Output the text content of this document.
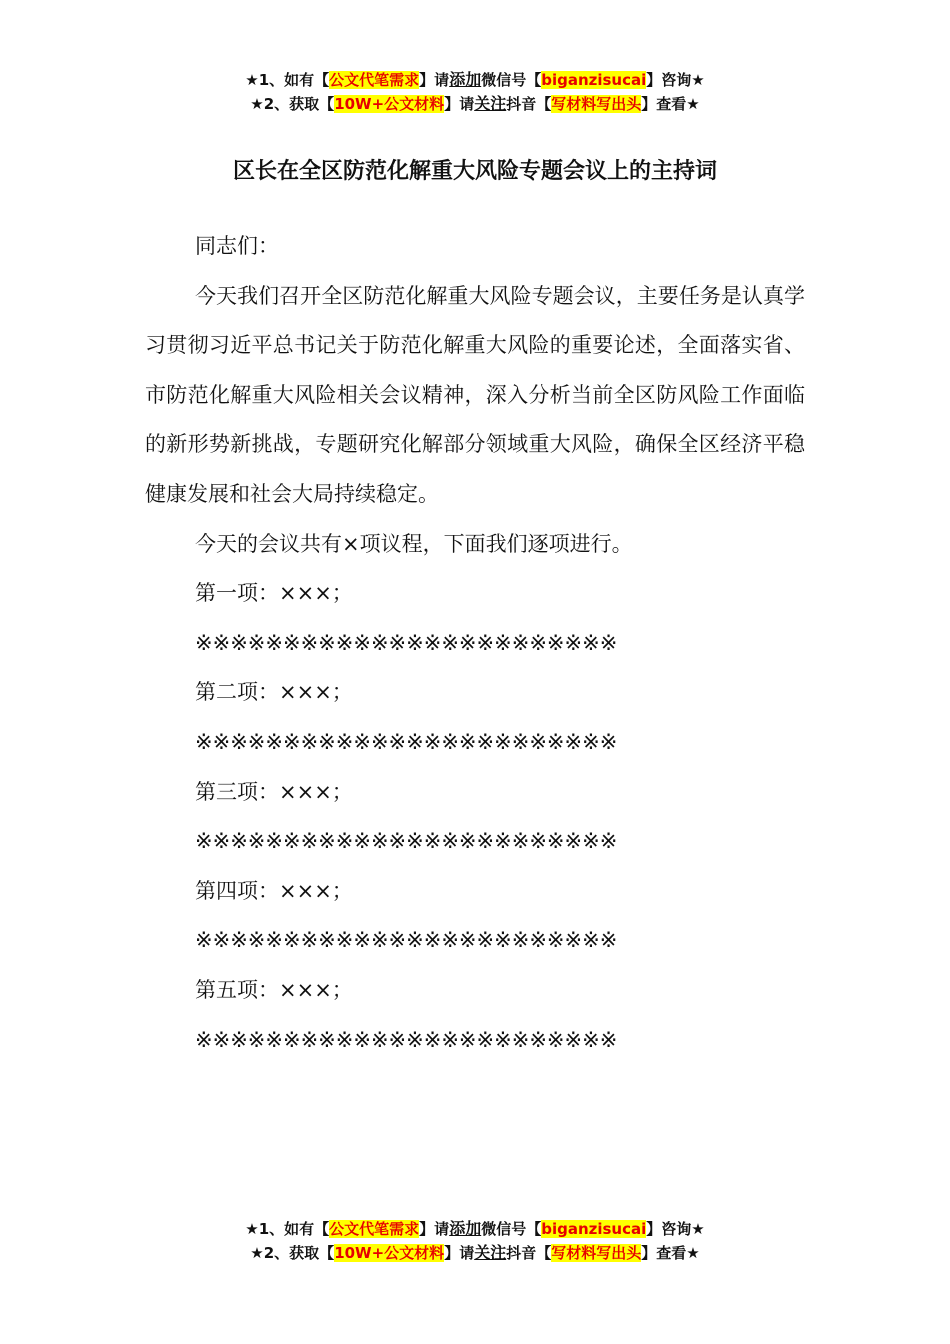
★1、如有【公文代笔需求】请添加微信号【biganzisucai】咨询★
★2、获取【10W+公文材料】请关注抖音【写材料写出头】查看★
区长在全区防范化解重大风险专题会议上的主持词

同志们：

今天我们召开全区防范化解重大风险专题会议，主要任务是认真学习贯彻习近平总书记关于防范化解重大风险的重要论述，全面落实省、市防范化解重大风险相关会议精神，深入分析当前全区防风险工作面临的新形势新挑战，专题研究化解部分领域重大风险，确保全区经济平稳健康发展和社会大局持续稳定。

今天的会议共有×项议程，下面我们逐项进行。

第一项：×××；

※※※※※※※※※※※※※※※※※※※※※※※※

第二项：×××；

※※※※※※※※※※※※※※※※※※※※※※※※

第三项：×××；

※※※※※※※※※※※※※※※※※※※※※※※※

第四项：×××；

※※※※※※※※※※※※※※※※※※※※※※※※

第五项：×××；

※※※※※※※※※※※※※※※※※※※※※※※※

★1、如有【公文代笔需求】请添加微信号【biganzisucai】咨询★
★2、获取【10W+公文材料】请关注抖音【写材料写出头】查看★
